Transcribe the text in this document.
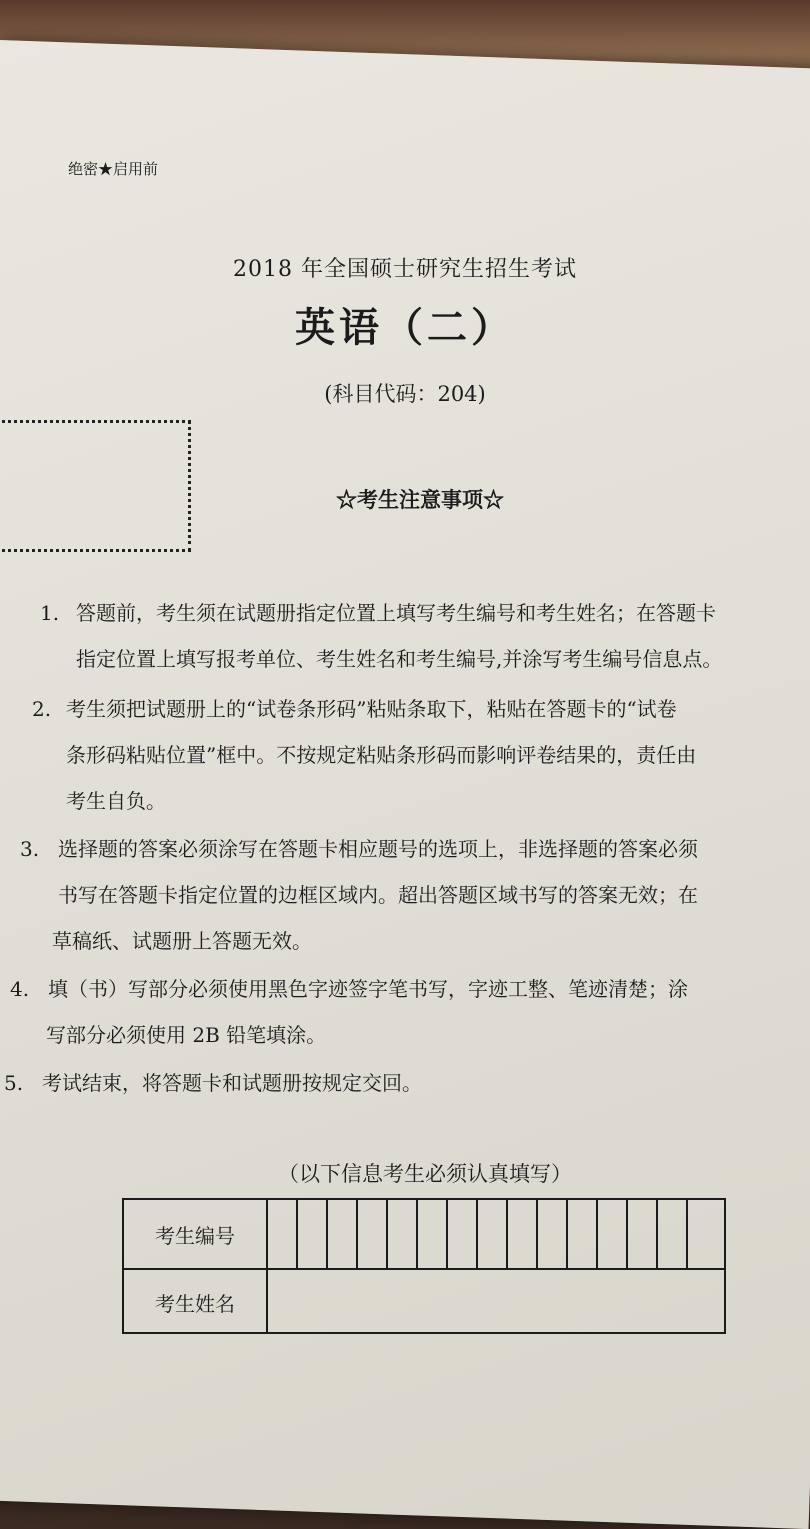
绝密★启用前
2018 年全国硕士研究生招生考试
英语（二）
(科目代码：204)
☆考生注意事项☆
1. 答题前，考生须在试题册指定位置上填写考生编号和考生姓名；在答题卡
指定位置上填写报考单位、考生姓名和考生编号,并涂写考生编号信息点。
2. 考生须把试题册上的“试卷条形码”粘贴条取下，粘贴在答题卡的“试卷
条形码粘贴位置”框中。不按规定粘贴条形码而影响评卷结果的，责任由
考生自负。
3. 选择题的答案必须涂写在答题卡相应题号的选项上，非选择题的答案必须
书写在答题卡指定位置的边框区域内。超出答题区域书写的答案无效；在
草稿纸、试题册上答题无效。
4. 填（书）写部分必须使用黑色字迹签字笔书写，字迹工整、笔迹清楚；涂
写部分必须使用 2B 铅笔填涂。
5. 考试结束，将答题卡和试题册按规定交回。
（以下信息考生必须认真填写）
考生编号
考生姓名
